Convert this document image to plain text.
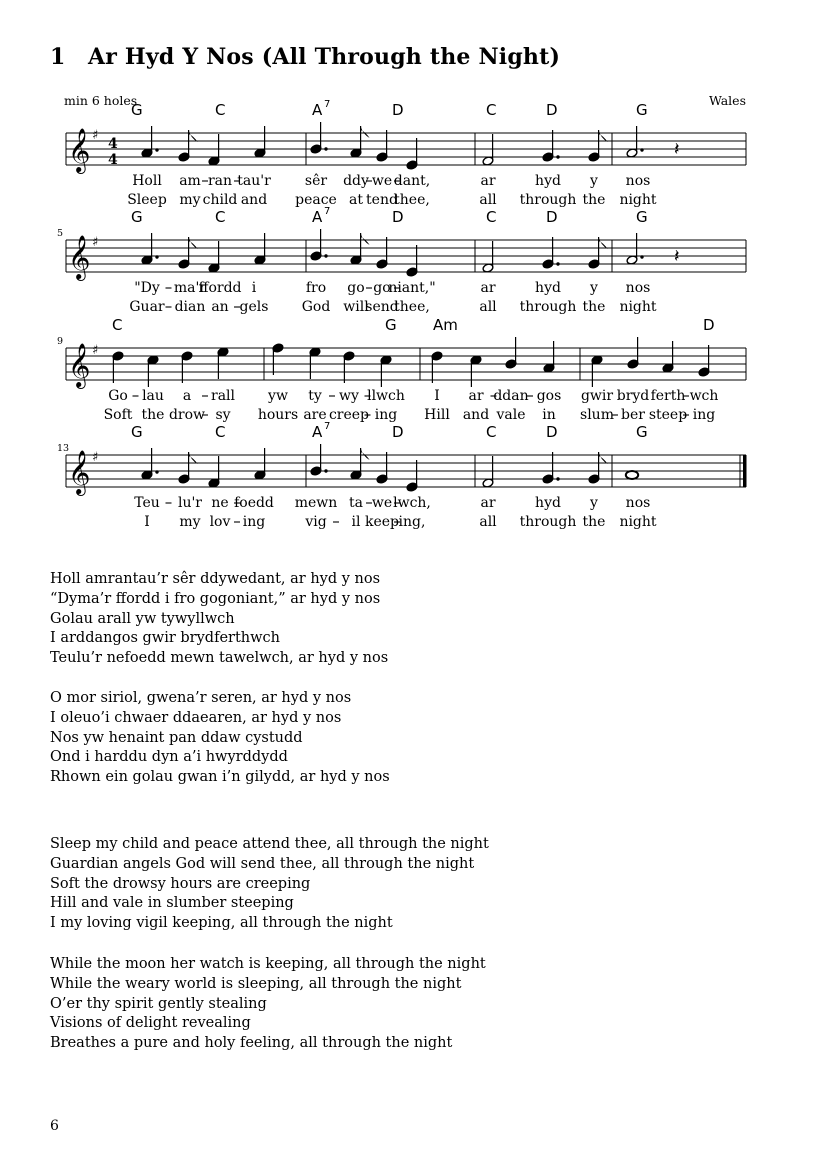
1 Ar Hyd Y Nos (All Through the Night)
min 6 holes	Wales
𝄞 ♯
4
4
G	C	A 7	D	C	D	G
𝄽
Holl am ran tau'r sêr ddy we dant,	ar	hyd y nos
Sleep my child and peace at tend
thee,	all through the night
𝄞 ♯
5
G	C	A 7	D	C	D	G
𝄽
"Dy ma'r
ffordd i	fro go go
niant,"	ar	hyd y nos
Guar dian an gels God will
send
thee,	all through the night
𝄞 ♯
9
C	G Am	D
Go lau a rall yw ty wy llwch I ar ddan gos gwir bryd ferth wch
Soft the drow sy hours are creep ing Hill and vale in slum ber steep ing
𝄞 ♯
13
G	C	A 7	D	C	D	G
Teu lu'r ne foedd mewn ta we lwch,	ar	hyd y nos
I my lov ing	vig il keep ing,	all through the night
Holl amrantau’r sêr ddywedant, ar hyd y nos
“Dyma’r ffordd i fro gogoniant,” ar hyd y nos
Golau arall yw tywyllwch
I arddangos gwir brydferthwch
Teulu’r nefoedd mewn tawelwch, ar hyd y nos
O mor siriol, gwena’r seren, ar hyd y nos
I oleuo’i chwaer ddaearen, ar hyd y nos
Nos yw henaint pan ddaw cystudd
Ond i harddu dyn a’i hwyrddydd
Rhown ein golau gwan i’n gilydd, ar hyd y nos
Sleep my child and peace attend thee, all through the night
Guardian angels God will send thee, all through the night
Soft the drowsy hours are creeping
Hill and vale in slumber steeping
I my loving vigil keeping, all through the night
While the moon her watch is keeping, all through the night
While the weary world is sleeping, all through the night
O’er thy spirit gently stealing
Visions of delight revealing
Breathes a pure and holy feeling, all through the night
6
